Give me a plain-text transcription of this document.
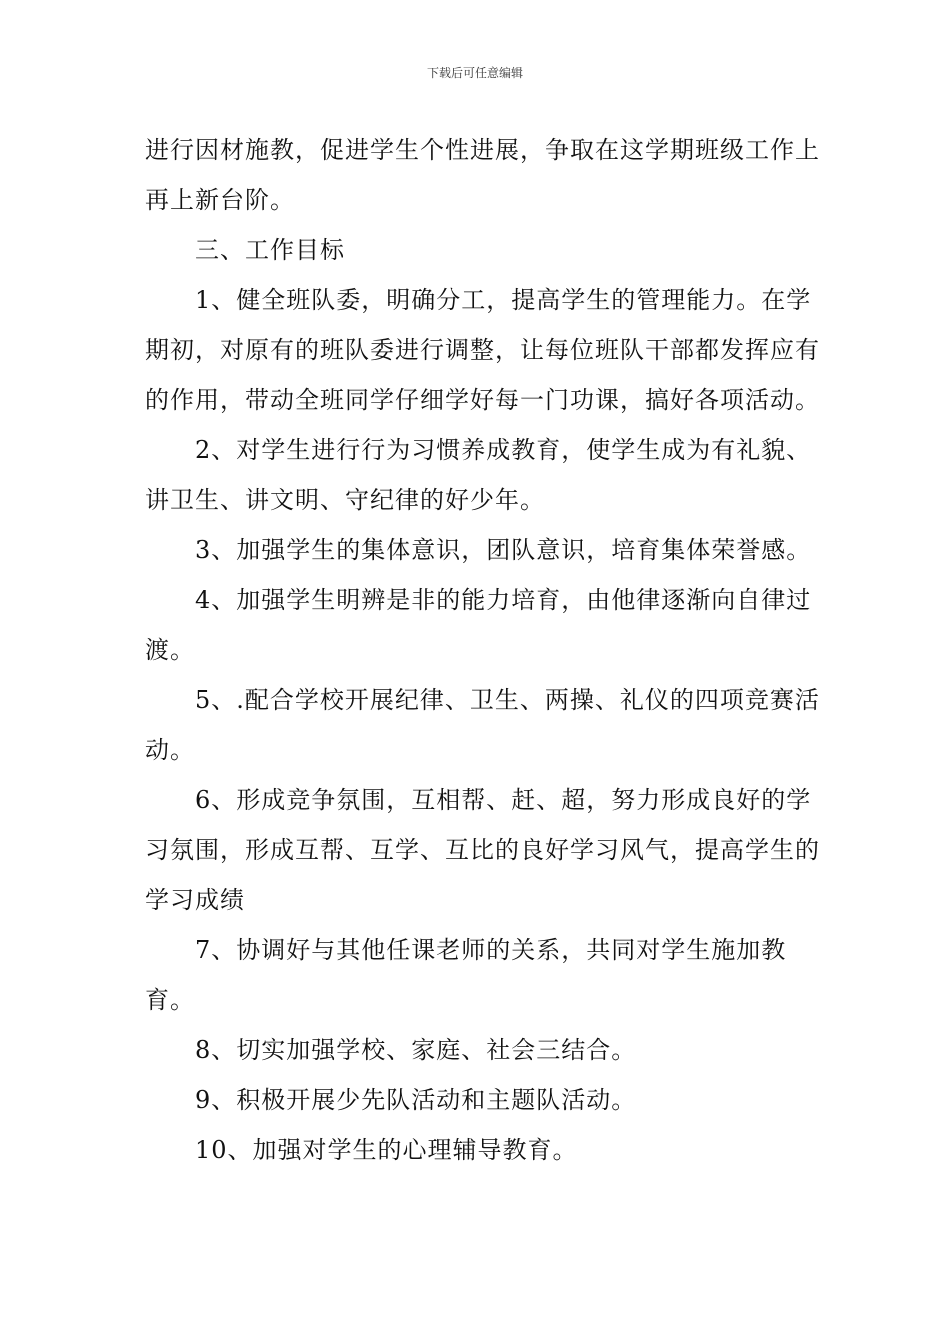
下载后可任意编辑

进行因材施教，促进学生个性进展，争取在这学期班级工作上再上新台阶。

三、工作目标

1、健全班队委，明确分工，提高学生的管理能力。在学期初，对原有的班队委进行调整，让每位班队干部都发挥应有的作用，带动全班同学仔细学好每一门功课，搞好各项活动。

2、对学生进行行为习惯养成教育，使学生成为有礼貌、讲卫生、讲文明、守纪律的好少年。

3、加强学生的集体意识，团队意识，培育集体荣誉感。

4、加强学生明辨是非的能力培育，由他律逐渐向自律过渡。

5、.配合学校开展纪律、卫生、两操、礼仪的四项竞赛活动。

6、形成竞争氛围，互相帮、赶、超，努力形成良好的学习氛围，形成互帮、互学、互比的良好学习风气，提高学生的学习成绩

7、协调好与其他任课老师的关系，共同对学生施加教育。

8、切实加强学校、家庭、社会三结合。

9、积极开展少先队活动和主题队活动。

10、加强对学生的心理辅导教育。
